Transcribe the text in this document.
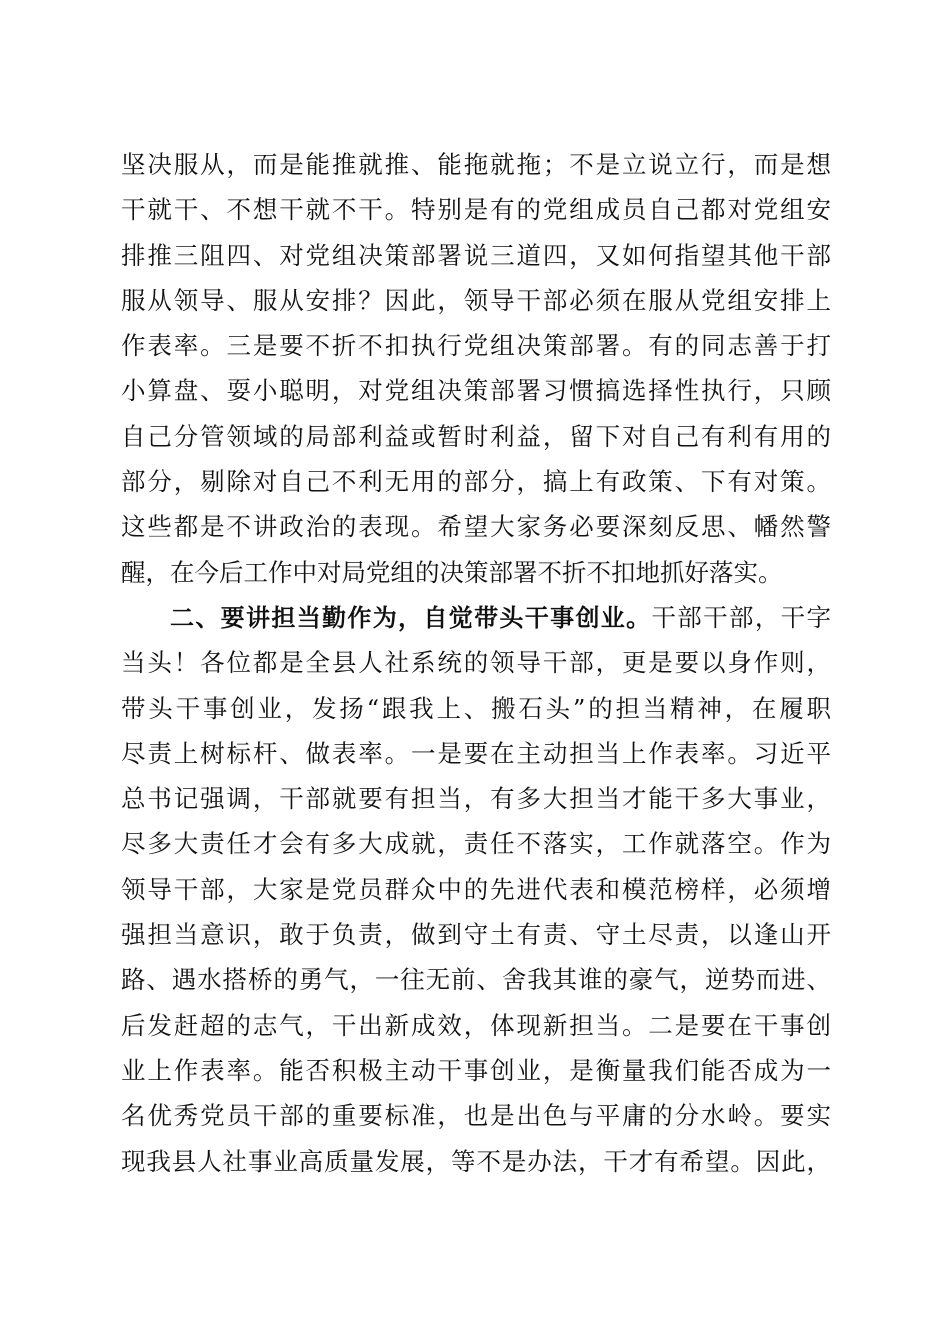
坚决服从，而是能推就推、能拖就拖；不是立说立行，而是想
干就干、不想干就不干。特别是有的党组成员自己都对党组安
排推三阻四、对党组决策部署说三道四，又如何指望其他干部
服从领导、服从安排？因此，领导干部必须在服从党组安排上
作表率。三是要不折不扣执行党组决策部署。有的同志善于打
小算盘、耍小聪明，对党组决策部署习惯搞选择性执行，只顾
自己分管领域的局部利益或暂时利益，留下对自己有利有用的
部分，剔除对自己不利无用的部分，搞上有政策、下有对策。
这些都是不讲政治的表现。希望大家务必要深刻反思、幡然警
醒，在今后工作中对局党组的决策部署不折不扣地抓好落实。
二、要讲担当勤作为，自觉带头干事创业。干部干部，干字
当头！各位都是全县人社系统的领导干部，更是要以身作则，
带头干事创业，发扬“跟我上、搬石头”的担当精神，在履职
尽责上树标杆、做表率。一是要在主动担当上作表率。习近平
总书记强调，干部就要有担当，有多大担当才能干多大事业，
尽多大责任才会有多大成就，责任不落实，工作就落空。作为
领导干部，大家是党员群众中的先进代表和模范榜样，必须增
强担当意识，敢于负责，做到守土有责、守土尽责，以逢山开
路、遇水搭桥的勇气，一往无前、舍我其谁的豪气，逆势而进、
后发赶超的志气，干出新成效，体现新担当。二是要在干事创
业上作表率。能否积极主动干事创业，是衡量我们能否成为一
名优秀党员干部的重要标准，也是出色与平庸的分水岭。要实
现我县人社事业高质量发展，等不是办法，干才有希望。因此，
